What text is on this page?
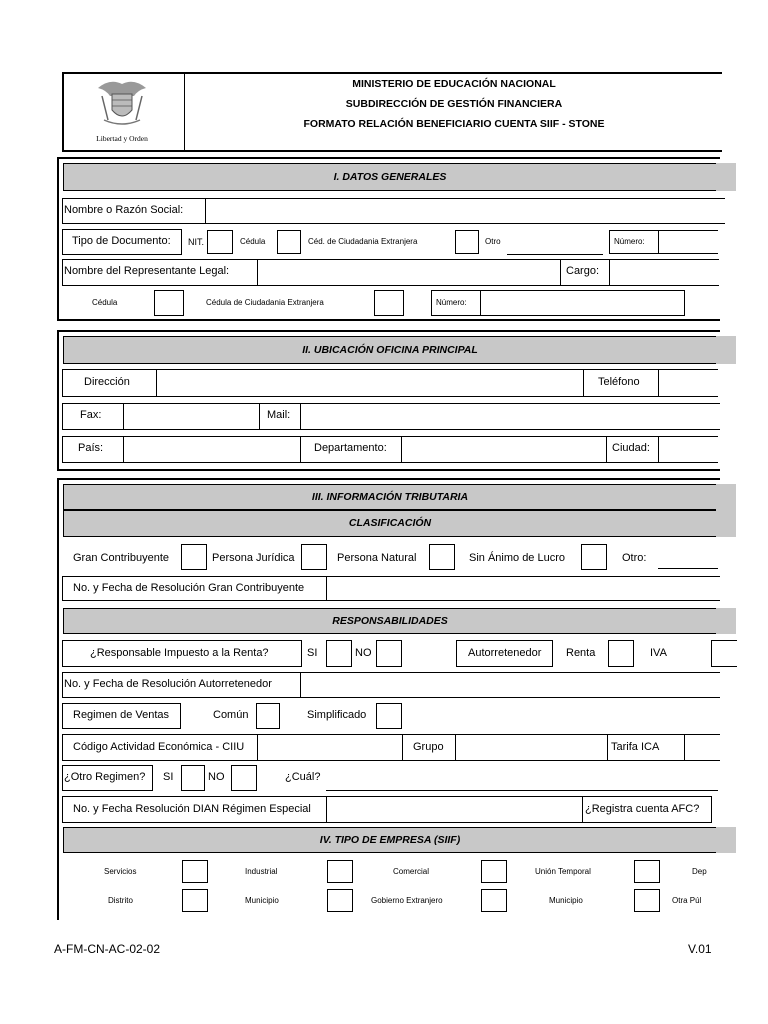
Libertad y Orden
MINISTERIO DE EDUCACIÓN NACIONAL
SUBDIRECCIÓN DE GESTIÓN FINANCIERA
FORMATO RELACIÓN BENEFICIARIO CUENTA SIIF - STONE
I. DATOS GENERALES
Nombre o Razón Social:
Tipo de Documento: NIT.	Cédula	Céd. de Ciudadania Extranjera	Otro	Número:
Nombre del Representante Legal:	Cargo:
Cédula	Cédula de Ciudadania Extranjera	Número:
II. UBICACIÓN OFICINA PRINCIPAL
Dirección	Teléfono
Fax:	Mail:
País:	Departamento:	Ciudad:
III. INFORMACIÓN TRIBUTARIA
CLASIFICACIÓN
Gran Contribuyente	Persona Jurídica	Persona Natural	Sin Ánimo de Lucro	Otro:
No. y Fecha de Resolución Gran Contribuyente
RESPONSABILIDADES
¿Responsable Impuesto a la Renta?	SI	NO	Autorretenedor Renta	IVA
No. y Fecha de Resolución Autorretenedor
Regimen de Ventas	Común	Simplificado
Código Actividad Económica - CIIU	Grupo	Tarifa ICA
¿Otro Regimen? SI	NO	¿Cuál?
No. y Fecha Resolución DIAN Régimen Especial	¿Registra cuenta AFC?
IV. TIPO DE EMPRESA (SIIF)
Servicios	Industrial	Comercial	Unión Temporal	Dep
Distrito	Municipio	Gobierno Extranjero	Municipio	Otra Púl
A-FM-CN-AC-02-02	V.01
